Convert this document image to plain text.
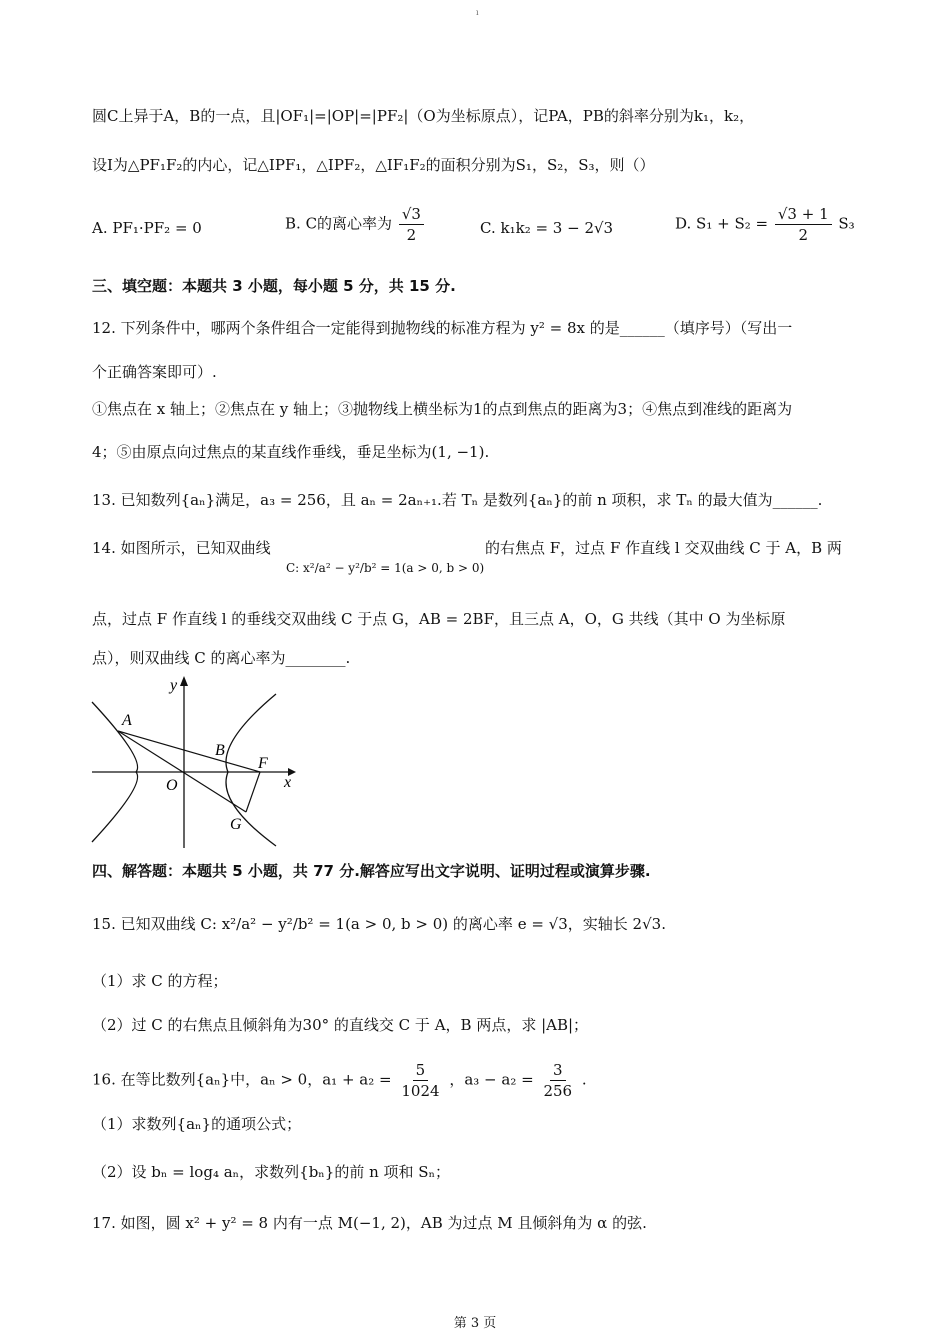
ı
圆C上异于A，B的一点，且|OF₁|=|OP|=|PF₂|（O为坐标原点），记PA，PB的斜率分别为k₁，k₂，
设I为△PF₁F₂的内心，记△IPF₁，△IPF₂，△IF₁F₂的面积分别为S₁，S₂，S₃，则（）
A. PF₁·PF₂ = 0	B. C的离心率为 $\frac{√3}{2}$	C. k₁k₂ = 3 − 2√3	D. $S_1 + S_2 = \frac{√3 + 1}{2} S_3$
三、填空题：本题共 3 小题，每小题 5 分，共 15 分.
12. 下列条件中，哪两个条件组合一定能得到抛物线的标准方程为 y² = 8x 的是______（填序号）（写出一
个正确答案即可）.
①焦点在 x 轴上；②焦点在 y 轴上；③抛物线上横坐标为1的点到焦点的距离为3；④焦点到准线的距离为
4；⑤由原点向过焦点的某直线作垂线，垂足坐标为(1, −1).
13. 已知数列{aₙ}满足，a₃ = 256，且 aₙ = 2aₙ₊₁.若 Tₙ 是数列{aₙ}的前 n 项积，求 Tₙ 的最大值为______.
14. 如图所示，已知双曲线
C: x²/a² − y²/b² = 1(a > 0, b > 0)
的右焦点 F，过点 F 作直线 l 交双曲线 C 于 A，B 两
点，过点 F 作直线 l 的垂线交双曲线 C 于点 G，AB = 2BF，且三点 A，O，G 共线（其中 O 为坐标原
点），则双曲线 C 的离心率为________.
A
B
F
O
G
x
y
四、解答题：本题共 5 小题，共 77 分.解答应写出文字说明、证明过程或演算步骤.
15. 已知双曲线 C: x²/a² − y²/b² = 1(a > 0, b > 0) 的离心率 e = √3，实轴长 2√3.
（1）求 C 的方程；
（2）过 C 的右焦点且倾斜角为30° 的直线交 C 于 A，B 两点，求 |AB|；
16. 在等比数列{aₙ}中，aₙ > 0，$a_1 + a_2 = \frac{5}{1024}$ ，$a_3 - a_2 = \frac{3}{256}$ .
（1）求数列{aₙ}的通项公式；
（2）设 bₙ = log₄ aₙ，求数列{bₙ}的前 n 项和 Sₙ；
17. 如图，圆 x² + y² = 8 内有一点 M(−1, 2)，AB 为过点 M 且倾斜角为 α 的弦.
第 3 页
